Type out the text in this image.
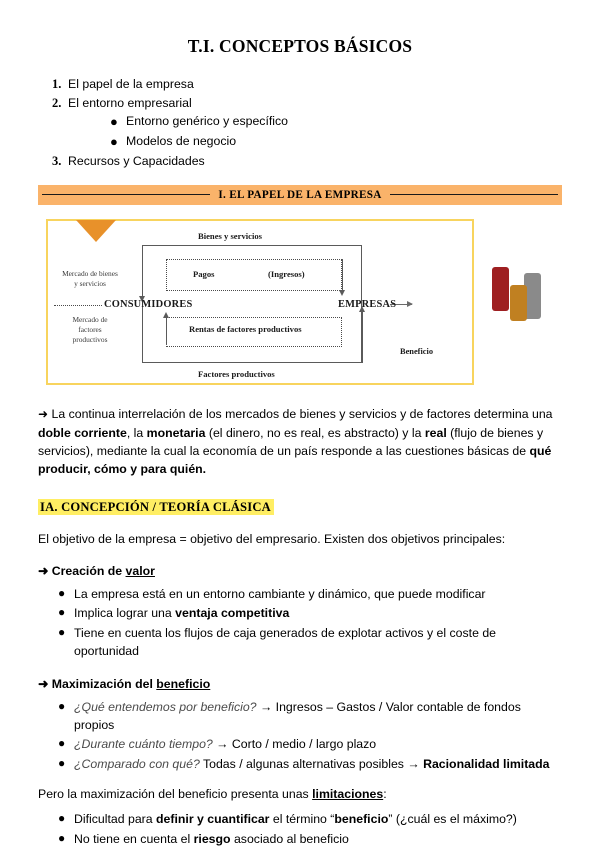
T.I. CONCEPTOS BÁSICOS
1. El papel de la empresa
2. El entorno empresarial
● Entorno genérico y específico
● Modelos de negocio
3. Recursos y Capacidades
I. EL PAPEL DE LA EMPRESA
Bienes y servicios
Pagos	(Ingresos)
CONSUMIDORES	EMPRESAS
Rentas de factores productivos
Factores productivos
Mercado de bienes y servicios
Mercado de factores productivos
Beneficio

➜ La continua interrelación de los mercados de bienes y servicios y de factores determina una doble corriente, la monetaria (el dinero, no es real, es abstracto) y la real (flujo de bienes y servicios), mediante la cual la economía de un país responde a las cuestiones básicas de qué producir, cómo y para quién.

IA. CONCEPCIÓN / TEORÍA CLÁSICA

El objetivo de la empresa = objetivo del empresario. Existen dos objetivos principales:

➜ Creación de valor
● La empresa está en un entorno cambiante y dinámico, que puede modificar
● Implica lograr una ventaja competitiva
● Tiene en cuenta los flujos de caja generados de explotar activos y el coste de oportunidad
➜ Maximización del beneficio
● ¿Qué entendemos por beneficio? → Ingresos – Gastos / Valor contable de fondos propios
● ¿Durante cuánto tiempo? → Corto / medio / largo plazo
● ¿Comparado con qué? Todas / algunas alternativas posibles → Racionalidad limitada

Pero la maximización del beneficio presenta unas limitaciones:

● Dificultad para definir y cuantificar el término “beneficio” (¿cuál es el máximo?)
● No tiene en cuenta el riesgo asociado al beneficio
